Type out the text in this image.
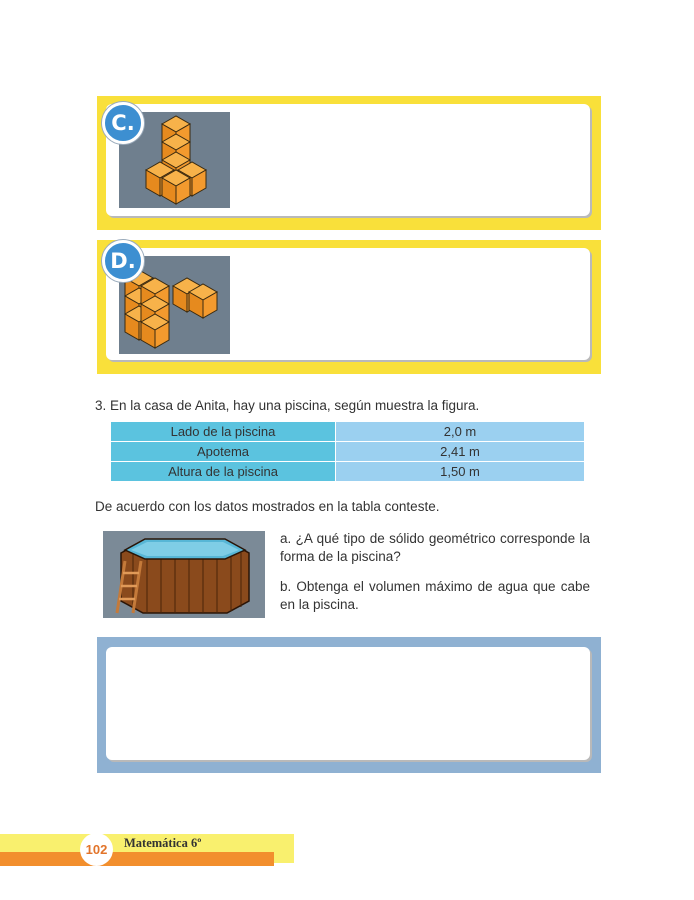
C.
D.
3. En la casa de Anita, hay una piscina, según muestra la figura.
Lado de la piscina	2,0 m
Apotema	2,41 m
Altura de la piscina	1,50 m
De acuerdo con los datos mostrados en la tabla conteste.
a. ¿A qué tipo de sólido geométrico corresponde la forma de la piscina?
b. Obtenga el volumen máximo de agua que cabe en la piscina.
102	Matemática 6º
